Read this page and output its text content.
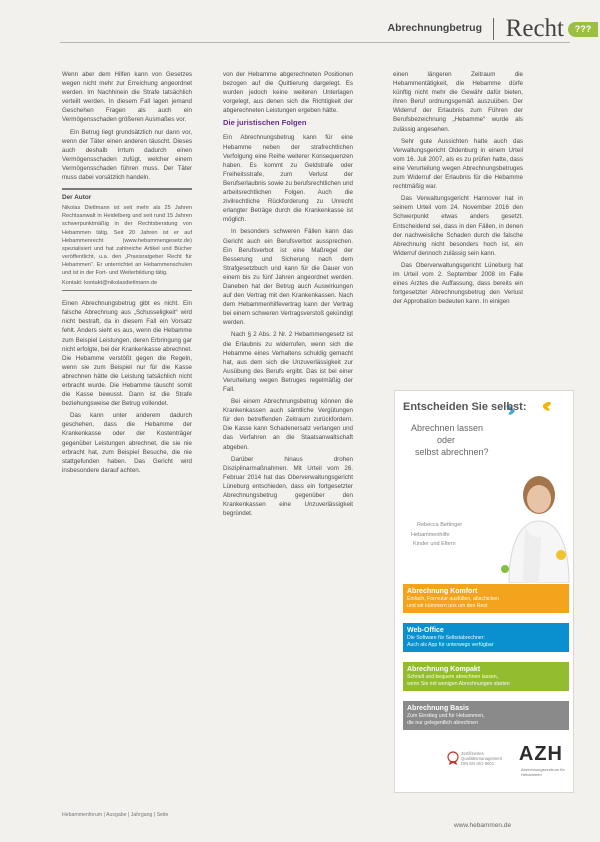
Abrechnungbetrug Recht	???

Wenn aber dem Hilfen kann von Gesetzes wegen nicht mehr zur Erreichung angeordnet werden. Im Nachhinein die Strafe tatsächlich verteilt werden. In diesem Fall lagen jemand Geschehen Fragen als auch ein Vermögensschaden größeren Ausmaßes vor.

Ein Betrug liegt grundsätzlich nur dann vor, wenn der Täter einen anderen täuscht. Dieses auch deshalb Irrtum dadurch einen Vermögensschaden zufügt, welcher einem Vermögensschaden führen muss. Der Täter muss dabei vorsätzlich handeln.

Der Autor
Nikolas Dietlmann ist seit mehr als 25 Jahren Rechtsanwalt in Heidelberg und seit rund 15 Jahren schwerpunktmäßig in der Rechtsberatung von Hebammen tätig. Seit 20 Jahren ist er auf Hebammenrecht (www.hebammengesetz.de) spezialisiert und hat zahlreiche Artikel und Bücher veröffentlicht, u.a. den „Praxisratgeber Recht für Hebammen“. Er unterrichtet an Hebammenschulen und ist in der Fort- und Weiterbildung tätig.
Kontakt: kontakt@nikolasdietlmann.de

Einen Abrechnungsbetrug gibt es nicht. Ein falsche Abrechnung aus „Schusseligkeit“ wird nicht bestraft, da in diesem Fall ein Vorsatz fehlt. Anders sieht es aus, wenn die Hebamme zum Beispiel Leistungen, deren Erbringung gar nicht erfolgte, bei der Krankenkasse abrechnet. Die Hebamme verstößt gegen die Regeln, wenn sie zum Beispiel nur für die Kasse abrechnen hätte die Leistung tatsächlich nicht erbracht wurde. Die Hebamme täuscht somit die Kasse bewusst. Dann ist die Strafe beziehungsweise der Betrug vollendet.

Das kann unter anderem dadurch geschehen, dass die Hebamme der Krankenkasse oder der Kostenträger gegenüber Leistungen abrechnet, die sie nie erbracht hat, zum Beispiel Besuche, die nie stattgefunden haben. Das Gericht wird insbesondere darauf achten.

von der Hebamme abgerechneten Positionen bezogen auf die Quittierung dargelegt. Es wurden jedoch keine weiteren Unterlagen vorgelegt, aus denen sich die Richtigkeit der abgerechneten Leistungen ergeben hätte.

Die juristischen Folgen

Ein Abrechnungsbetrug kann für eine Hebamme neben der strafrechtlichen Verfolgung eine Reihe weiterer Konsequenzen haben. Es kommt zu Geldstrafe oder Freiheitsstrafe, zum Verlust der Berufserlaubnis sowie zu berufsrechtlichen und arbeitsrechtlichen Folgen. Auch die zivilrechtliche Rückforderung zu Unrecht erlangter Beträge durch die Krankenkasse ist möglich.

In besonders schweren Fällen kann das Gericht auch ein Berufsverbot aussprechen. Ein Berufsverbot ist eine Maßregel der Besserung und Sicherung nach dem Strafgesetzbuch und kann für die Dauer von einem bis zu fünf Jahren angeordnet werden. Daneben hat der Betrug auch Auswirkungen auf den Vertrag mit den Krankenkassen. Nach dem Hebammenhilfevertrag kann der Vertrag bei einem schweren Vertragsverstoß gekündigt werden.

Nach § 2 Abs. 2 Nr. 2 Hebammengesetz ist die Erlaubnis zu widerrufen, wenn sich die Hebamme eines Verhaltens schuldig gemacht hat, aus dem sich die Unzuverlässigkeit zur Ausübung des Berufs ergibt. Das ist bei einer Verurteilung wegen Betruges regelmäßig der Fall.

Bei einem Abrechnungsbetrug können die Krankenkassen auch sämtliche Vergütungen für den betreffenden Zeitraum zurückfordern. Die Kasse kann Schadenersatz verlangen und das Verfahren an die Staatsanwaltschaft abgeben.

Darüber hinaus drohen Disziplinarmaßnahmen. Mit Urteil vom 26. Februar 2014 hat das Oberverwaltungsgericht Lüneburg entschieden, dass ein fortgesetzter Abrechnungsbetrug gegenüber den Krankenkassen eine Unzuverlässigkeit begründet.

einen längeren Zeitraum die Hebammentätigkeit, die Hebamme dürfe künftig nicht mehr die Gewähr dafür bieten, ihren Beruf ordnungsgemäß auszuüben. Der Widerruf der Erlaubnis zum Führen der Berufsbezeichnung „Hebamme“ wurde als zulässig angesehen.

Sehr gute Aussichten hatte auch das Verwaltungsgericht Oldenburg in einem Urteil vom 16. Juli 2007, als es zu prüfen hatte, dass eine Verurteilung wegen Abrechnungsbetruges zum Widerruf der Erlaubnis für die Hebamme rechtmäßig war.

Das Verwaltungsgericht Hannover hat in seinem Urteil vom 24. November 2016 den Schwerpunkt etwas anders gesetzt. Entscheidend sei, dass in den Fällen, in denen der nachweisliche Schaden durch die falsche Abrechnung nicht besonders hoch ist, ein Widerruf dennoch zulässig sein kann.

Das Oberverwaltungsgericht Lüneburg hat im Urteil vom 2. September 2008 im Falle eines Arztes die Auffassung, dass bereits ein fortgesetzter Abrechnungsbetrug den Verlust der Approbation bedeuten kann. In einigen

Entscheiden Sie selbst:
Abrechnen lassen
oder
selbst abrechnen?
Rebecca Bettinger
Hebammenhilfe
Kinder und Eltern
Abrechnung Komfort
Einfach, Formular ausfüllen, abschicken
und wir kümmern uns um den Rest
Web-Office
Die Software für Selbstabrechner:
Auch als App für unterwegs verfügbar
Abrechnung Kompakt
Schnell und bequem abrechnen lassen,
wenn Sie mit wenigen Abrechnungen starten
Abrechnung Basis
Zum Einstieg und für Hebammen,
die nur gelegentlich abrechnen
Zertifiziertes Qualitätsmanagement DIN EN ISO 9001	AZH
Abrechnungszentrum für Hebammen
Hebammenforum | Ausgabe | Jahrgang | Seite
www.hebammen.de
